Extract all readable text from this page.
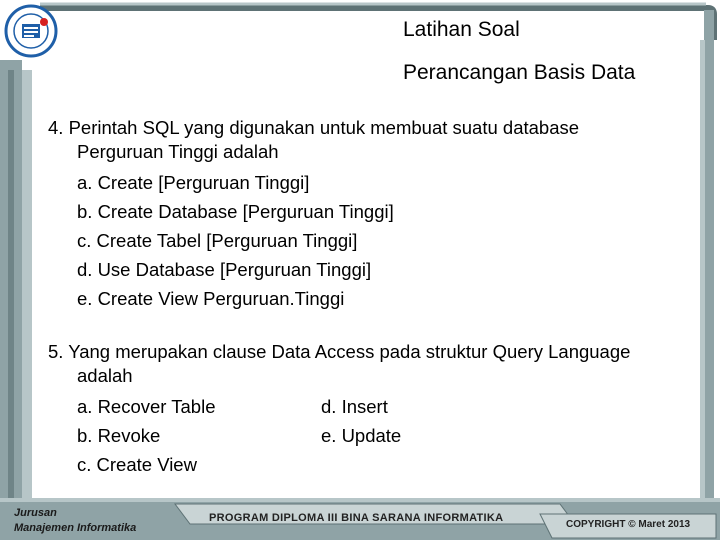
Latihan Soal
Perancangan Basis Data
4. Perintah SQL yang digunakan untuk membuat suatu database
Perguruan Tinggi adalah
a. Create [Perguruan Tinggi]
b. Create Database [Perguruan Tinggi]
c. Create Tabel [Perguruan Tinggi]
d. Use Database [Perguruan Tinggi]
e. Create View Perguruan.Tinggi
5. Yang merupakan clause Data Access pada struktur Query Language
adalah
a. Recover Table	d. Insert
b. Revoke	e. Update
c. Create View
Jurusan
Manajemen Informatika
PROGRAM DIPLOMA III BINA SARANA INFORMATIKA
COPYRIGHT © Maret 2013
